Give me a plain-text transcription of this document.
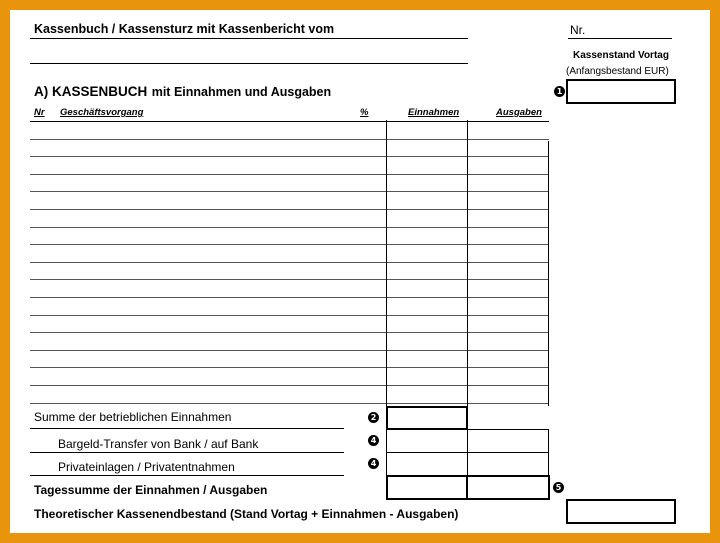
Kassenbuch / Kassensturz mit Kassenbericht vom	Nr.
Kassenstand Vortag
(Anfangsbestand EUR)
1
A) KASSENBUCH mit Einnahmen und Ausgaben
Nr Geschäftsvorgang	%	Einnahmen	Ausgaben
Summe der betrieblichen Einnahmen	2
Bargeld-Transfer von Bank / auf Bank	4
Privateinlagen / Privatentnahmen	4
Tagessumme der Einnahmen / Ausgaben	5
Theoretischer Kassenendbestand (Stand Vortag + Einnahmen - Ausgaben)
